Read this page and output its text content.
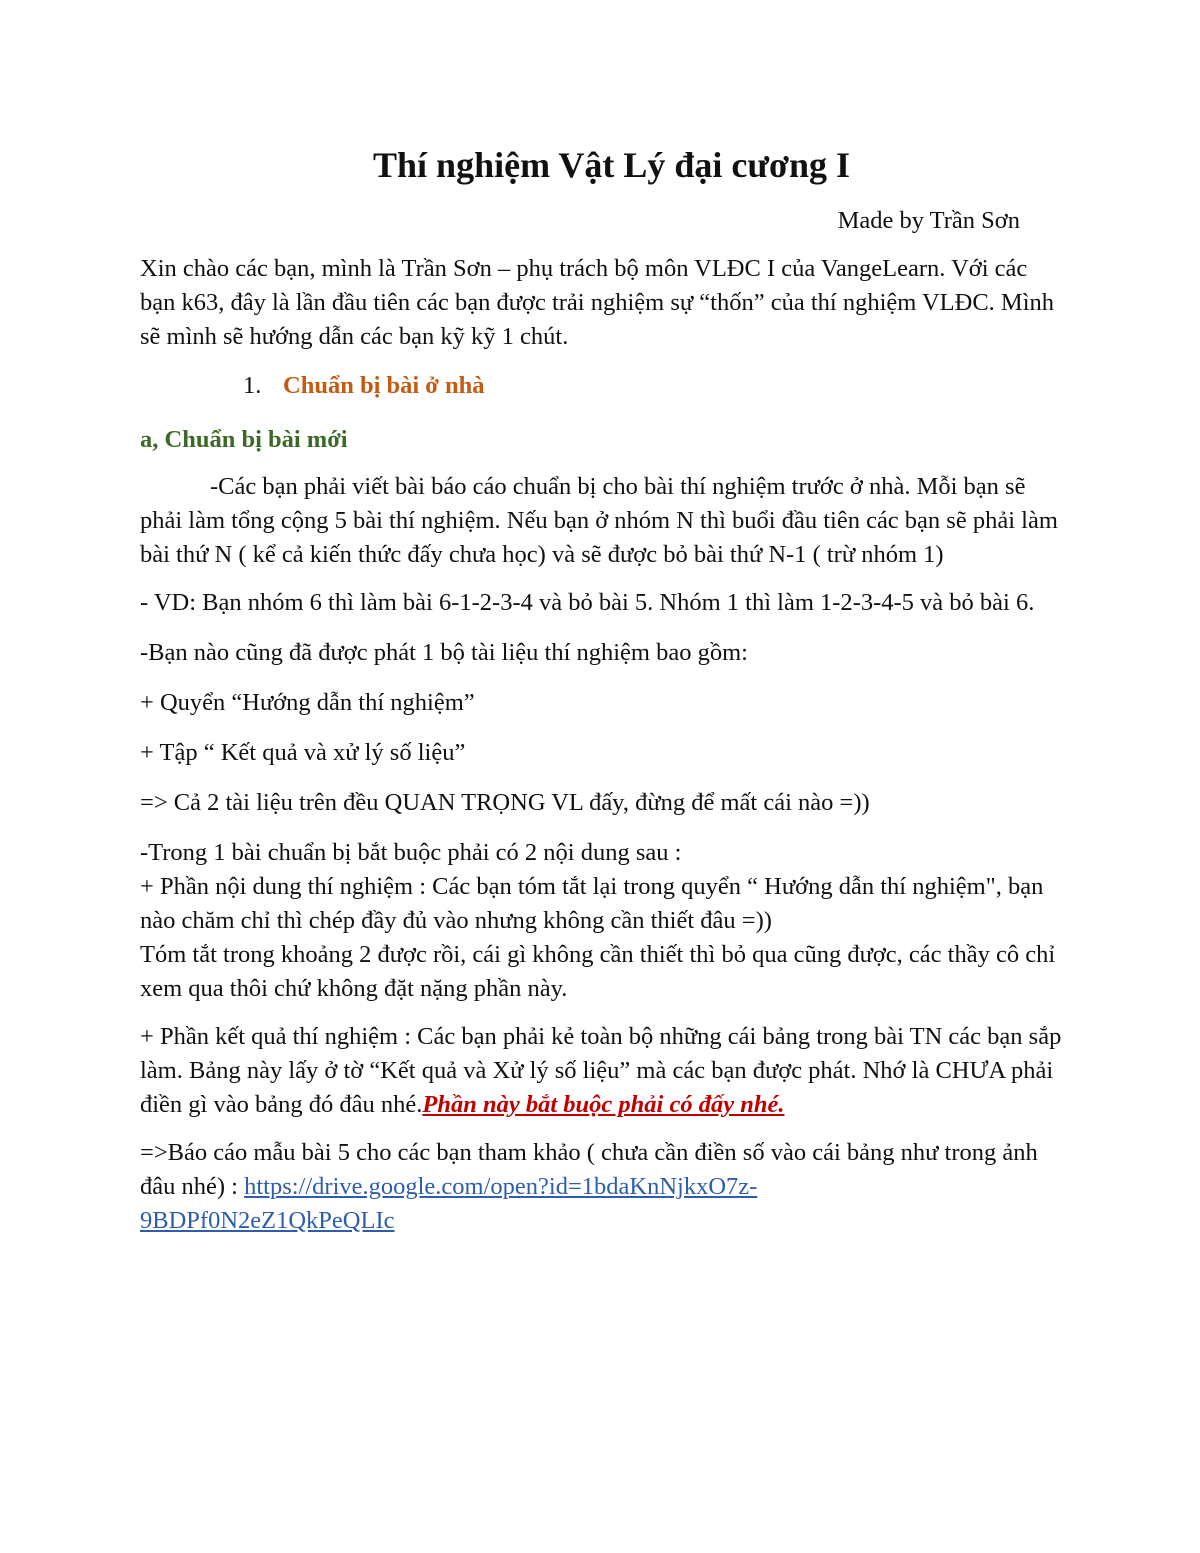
Thí nghiệm Vật Lý đại cương I
Made by Trần Sơn

Xin chào các bạn, mình là Trần Sơn – phụ trách bộ môn VLĐC I của VangeLearn. Với các bạn k63, đây là lần đầu tiên các bạn được trải nghiệm sự “thốn” của thí nghiệm VLĐC. Mình sẽ mình sẽ hướng dẫn các bạn kỹ kỹ 1 chút.

1. Chuẩn bị bài ở nhà
a, Chuẩn bị bài mới

-Các bạn phải viết bài báo cáo chuẩn bị cho bài thí nghiệm trước ở nhà. Mỗi bạn sẽ phải làm tổng cộng 5 bài thí nghiệm. Nếu bạn ở nhóm N thì buổi đầu tiên các bạn sẽ phải làm bài thứ N ( kể cả kiến thức đấy chưa học) và sẽ được bỏ bài thứ N-1 ( trừ nhóm 1)

- VD: Bạn nhóm 6 thì làm bài 6-1-2-3-4 và bỏ bài 5. Nhóm 1 thì làm 1-2-3-4-5 và bỏ bài 6.

-Bạn nào cũng đã được phát 1 bộ tài liệu thí nghiệm bao gồm:

+ Quyển “Hướng dẫn thí nghiệm”

+ Tập “ Kết quả và xử lý số liệu”

=> Cả 2 tài liệu trên đều QUAN TRỌNG VL đấy, đừng để mất cái nào =))

-Trong 1 bài chuẩn bị bắt buộc phải có 2 nội dung sau :

+ Phần nội dung thí nghiệm : Các bạn tóm tắt lại trong quyển “ Hướng dẫn thí nghiệm", bạn nào chăm chỉ thì chép đầy đủ vào nhưng không cần thiết đâu =))

Tóm tắt trong khoảng 2 được rồi, cái gì không cần thiết thì bỏ qua cũng được, các thầy cô chỉ xem qua thôi chứ không đặt nặng phần này.

+ Phần kết quả thí nghiệm : Các bạn phải kẻ toàn bộ những cái bảng trong bài TN các bạn sắp làm. Bảng này lấy ở tờ “Kết quả và Xử lý số liệu” mà các bạn được phát. Nhớ là CHƯA phải điền gì vào bảng đó đâu nhé.Phần này bắt buộc phải có đấy nhé.

=>Báo cáo mẫu bài 5 cho các bạn tham khảo ( chưa cần điền số vào cái bảng như trong ảnh đâu nhé) : https://drive.google.com/open?id=1bdaKnNjkxO7z-
9BDPf0N2eZ1QkPeQLIc
